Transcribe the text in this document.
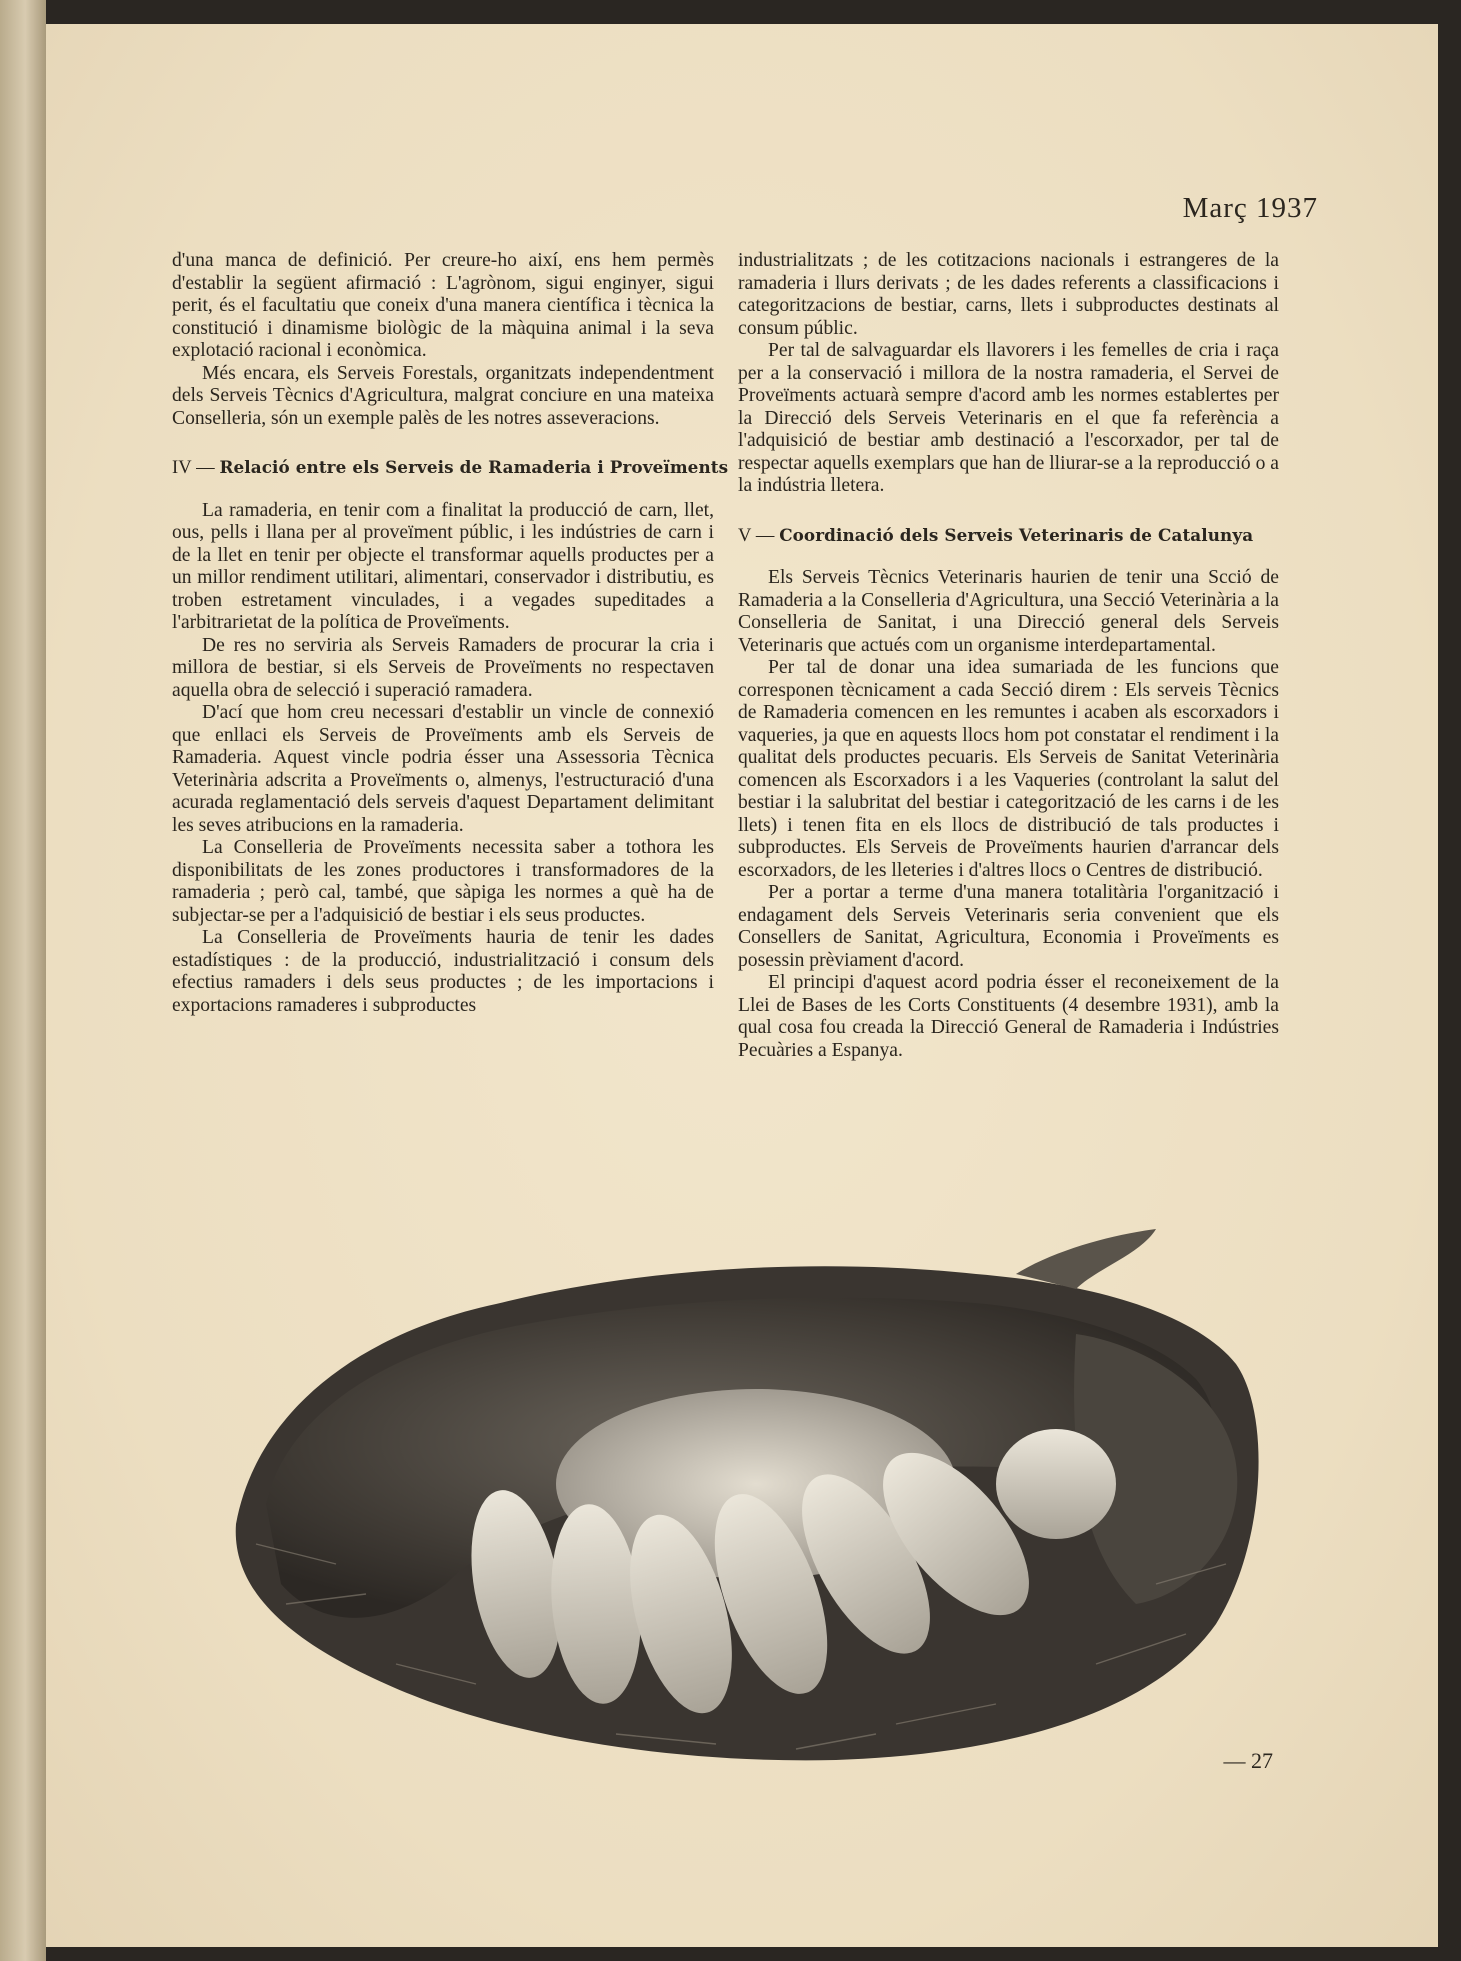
Març 1937

d'una manca de definició. Per creure-ho així, ens hem permès d'establir la següent afirmació : L'agrònom, sigui enginyer, sigui perit, és el facultatiu que coneix d'una manera científica i tècnica la constitució i dinamisme biològic de la màquina animal i la seva explotació racional i econòmica.

Més encara, els Serveis Forestals, organitzats independentment dels Serveis Tècnics d'Agricultura, malgrat conciure en una mateixa Conselleria, són un exemple palès de les notres asseveracions.

IV — Relació entre els Serveis de Ramaderia i Proveïments

La ramaderia, en tenir com a finalitat la producció de carn, llet, ous, pells i llana per al proveïment públic, i les indústries de carn i de la llet en tenir per objecte el transformar aquells productes per a un millor rendiment utilitari, alimentari, conservador i distributiu, es troben estretament vinculades, i a vegades supeditades a l'arbitrarietat de la política de Proveïments.

De res no serviria als Serveis Ramaders de procurar la cria i millora de bestiar, si els Serveis de Proveïments no respectaven aquella obra de selecció i superació ramadera.

D'ací que hom creu necessari d'establir un vincle de connexió que enllaci els Serveis de Proveïments amb els Serveis de Ramaderia. Aquest vincle podria ésser una Assessoria Tècnica Veterinària adscrita a Proveïments o, almenys, l'estructuració d'una acurada reglamentació dels serveis d'aquest Departament delimitant les seves atribucions en la ramaderia.

La Conselleria de Proveïments necessita saber a tothora les disponibilitats de les zones productores i transformadores de la ramaderia ; però cal, també, que sàpiga les normes a què ha de subjectar-se per a l'adquisició de bestiar i els seus productes.

La Conselleria de Proveïments hauria de tenir les dades estadístiques : de la producció, industrialització i consum dels efectius ramaders i dels seus productes ; de les importacions i exportacions ramaderes i subproductes

industrialitzats ; de les cotitzacions nacionals i estrangeres de la ramaderia i llurs derivats ; de les dades referents a classificacions i categoritzacions de bestiar, carns, llets i subproductes destinats al consum públic.

Per tal de salvaguardar els llavorers i les femelles de cria i raça per a la conservació i millora de la nostra ramaderia, el Servei de Proveïments actuarà sempre d'acord amb les normes establertes per la Direcció dels Serveis Veterinaris en el que fa referència a l'adquisició de bestiar amb destinació a l'escorxador, per tal de respectar aquells exemplars que han de lliurar-se a la reproducció o a la indústria lletera.

V — Coordinació dels Serveis Veterinaris de Catalunya

Els Serveis Tècnics Veterinaris haurien de tenir una Scció de Ramaderia a la Conselleria d'Agricultura, una Secció Veterinària a la Conselleria de Sanitat, i una Direcció general dels Serveis Veterinaris que actués com un organisme interdepartamental.

Per tal de donar una idea sumariada de les funcions que corresponen tècnicament a cada Secció direm : Els serveis Tècnics de Ramaderia comencen en les remuntes i acaben als escorxadors i vaqueries, ja que en aquests llocs hom pot constatar el rendiment i la qualitat dels productes pecuaris. Els Serveis de Sanitat Veterinària comencen als Escorxadors i a les Vaqueries (controlant la salut del bestiar i la salubritat del bestiar i categorització de les carns i de les llets) i tenen fita en els llocs de distribució de tals productes i subproductes. Els Serveis de Proveïments haurien d'arrancar dels escorxadors, de les lleteries i d'altres llocs o Centres de distribució.

Per a portar a terme d'una manera totalitària l'organització i endagament dels Serveis Veterinaris seria convenient que els Consellers de Sanitat, Agricultura, Economia i Proveïments es posessin prèviament d'acord.

El principi d'aquest acord podria ésser el reconeixement de la Llei de Bases de les Corts Constituents (4 desembre 1931), amb la qual cosa fou creada la Direcció General de Ramaderia i Indústries Pecuàries a Espanya.

— 27
